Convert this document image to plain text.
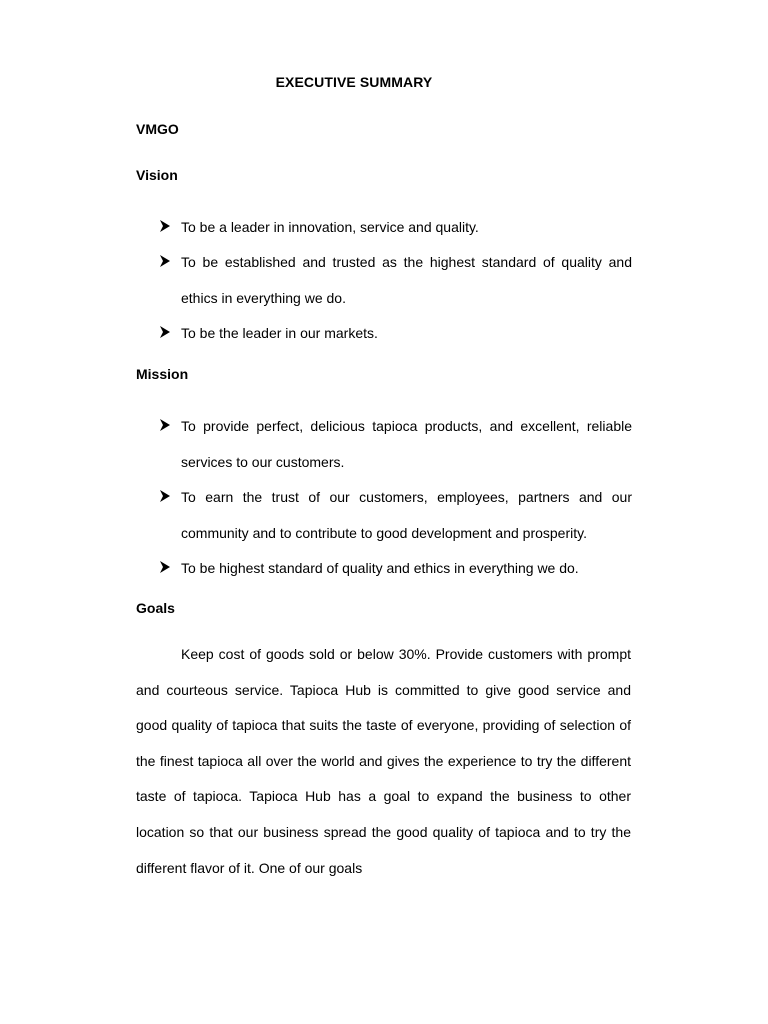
EXECUTIVE SUMMARY
VMGO
Vision
To be a leader in innovation, service and quality.
To be established and trusted as the highest standard of quality and ethics in everything we do.
To be the leader in our markets.
Mission
To provide perfect, delicious tapioca products, and excellent, reliable services to our customers.
To earn the trust of our customers, employees, partners and our community and to contribute to good development and prosperity.
To be highest standard of quality and ethics in everything we do.
Goals

Keep cost of goods sold or below 30%. Provide customers with prompt and courteous service. Tapioca Hub is committed to give good service and good quality of tapioca that suits the taste of everyone, providing of selection of the finest tapioca all over the world and gives the experience to try the different taste of tapioca. Tapioca Hub has a goal to expand the business to other location so that our business spread the good quality of tapioca and to try the different flavor of it. One of our goals
